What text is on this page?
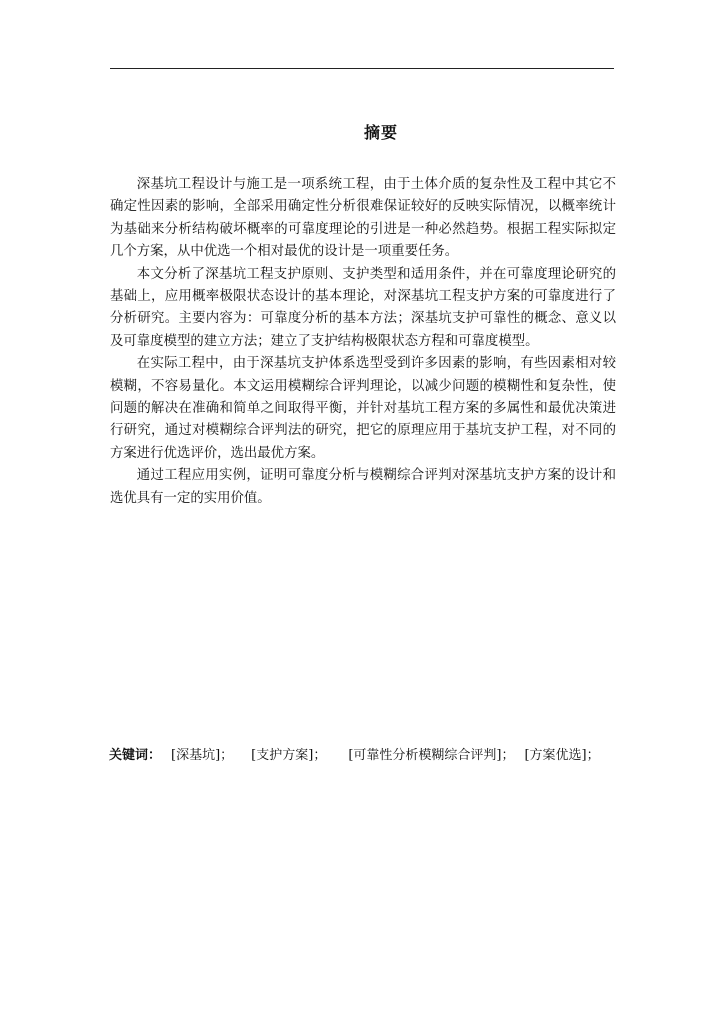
摘要

深基坑工程设计与施工是一项系统工程，由于土体介质的复杂性及工程中其它不确定性因素的影响，全部采用确定性分析很难保证较好的反映实际情况，以概率统计为基础来分析结构破坏概率的可靠度理论的引进是一种必然趋势。根据工程实际拟定几个方案，从中优选一个相对最优的设计是一项重要任务。

本文分析了深基坑工程支护原则、支护类型和适用条件，并在可靠度理论研究的基础上，应用概率极限状态设计的基本理论，对深基坑工程支护方案的可靠度进行了分析研究。主要内容为：可靠度分析的基本方法；深基坑支护可靠性的概念、意义以及可靠度模型的建立方法；建立了支护结构极限状态方程和可靠度模型。

在实际工程中，由于深基坑支护体系选型受到许多因素的影响，有些因素相对较模糊，不容易量化。本文运用模糊综合评判理论，以减少问题的模糊性和复杂性，使问题的解决在准确和简单之间取得平衡，并针对基坑工程方案的多属性和最优决策进行研究，通过对模糊综合评判法的研究，把它的原理应用于基坑支护工程，对不同的方案进行优选评价，选出最优方案。

通过工程应用实例，证明可靠度分析与模糊综合评判对深基坑支护方案的设计和选优具有一定的实用价值。

关键词： [深基坑]； [支护方案]； [可靠性分析模糊综合评判]； [方案优选]；
